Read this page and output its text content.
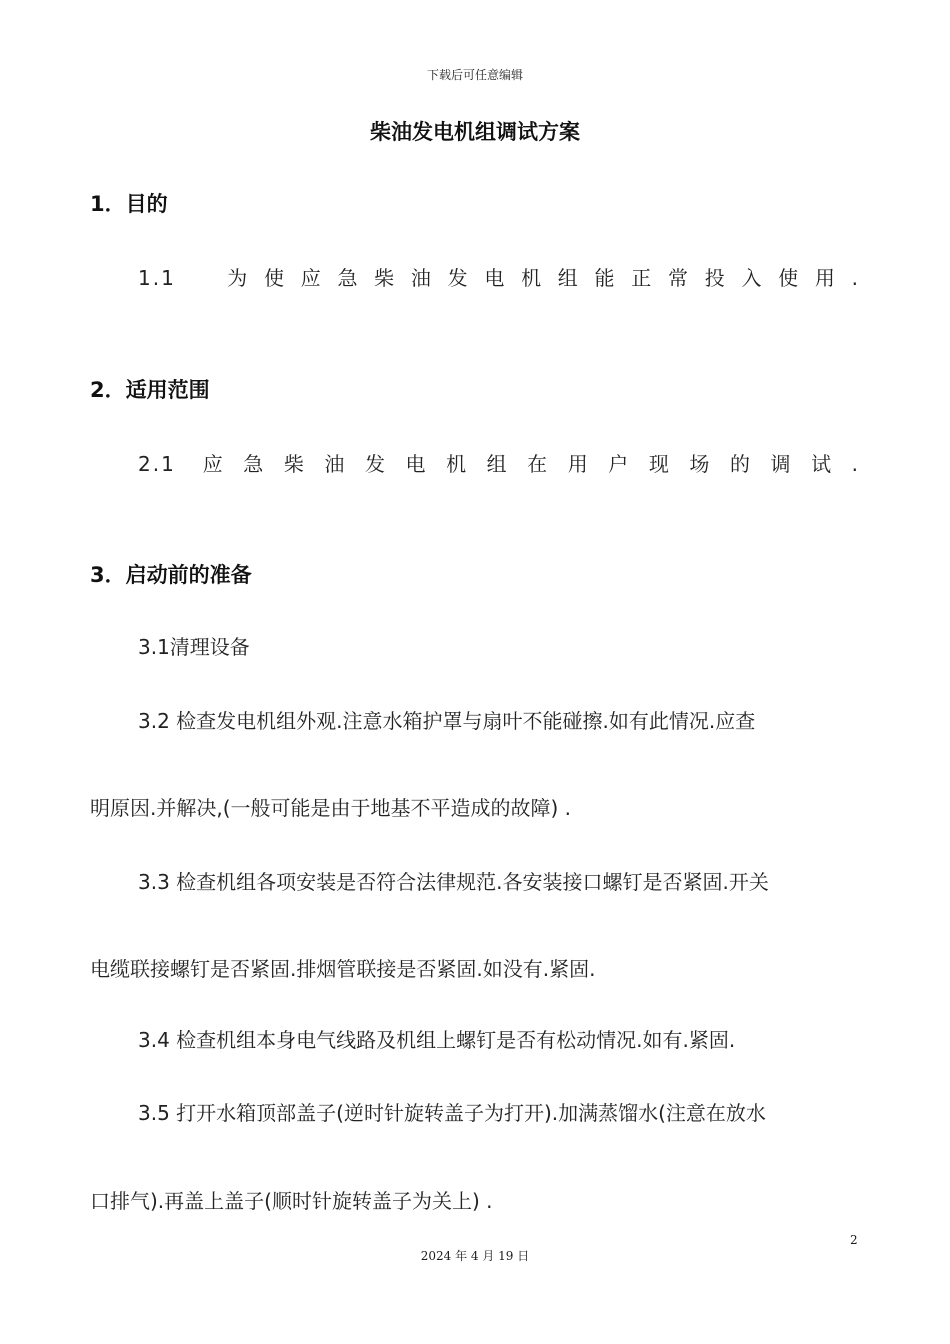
下载后可任意编辑
柴油发电机组调试方案
1．目的
1.1　为使应急柴油发电机组能正常投入使用.
2．适用范围
2.1 应急柴油发电机组在用户现场的调试.
3．启动前的准备
3.1清理设备
3.2 检查发电机组外观.注意水箱护罩与扇叶不能碰擦.如有此情况.应查
明原因.并解决,(一般可能是由于地基不平造成的故障) .
3.3 检查机组各项安装是否符合法律规范.各安装接口螺钉是否紧固.开关
电缆联接螺钉是否紧固.排烟管联接是否紧固.如没有.紧固.
3.4 检查机组本身电气线路及机组上螺钉是否有松动情况.如有.紧固.
3.5 打开水箱顶部盖子(逆时针旋转盖子为打开).加满蒸馏水(注意在放水
口排气).再盖上盖子(顺时针旋转盖子为关上) .
2
2024 年 4 月 19 日
